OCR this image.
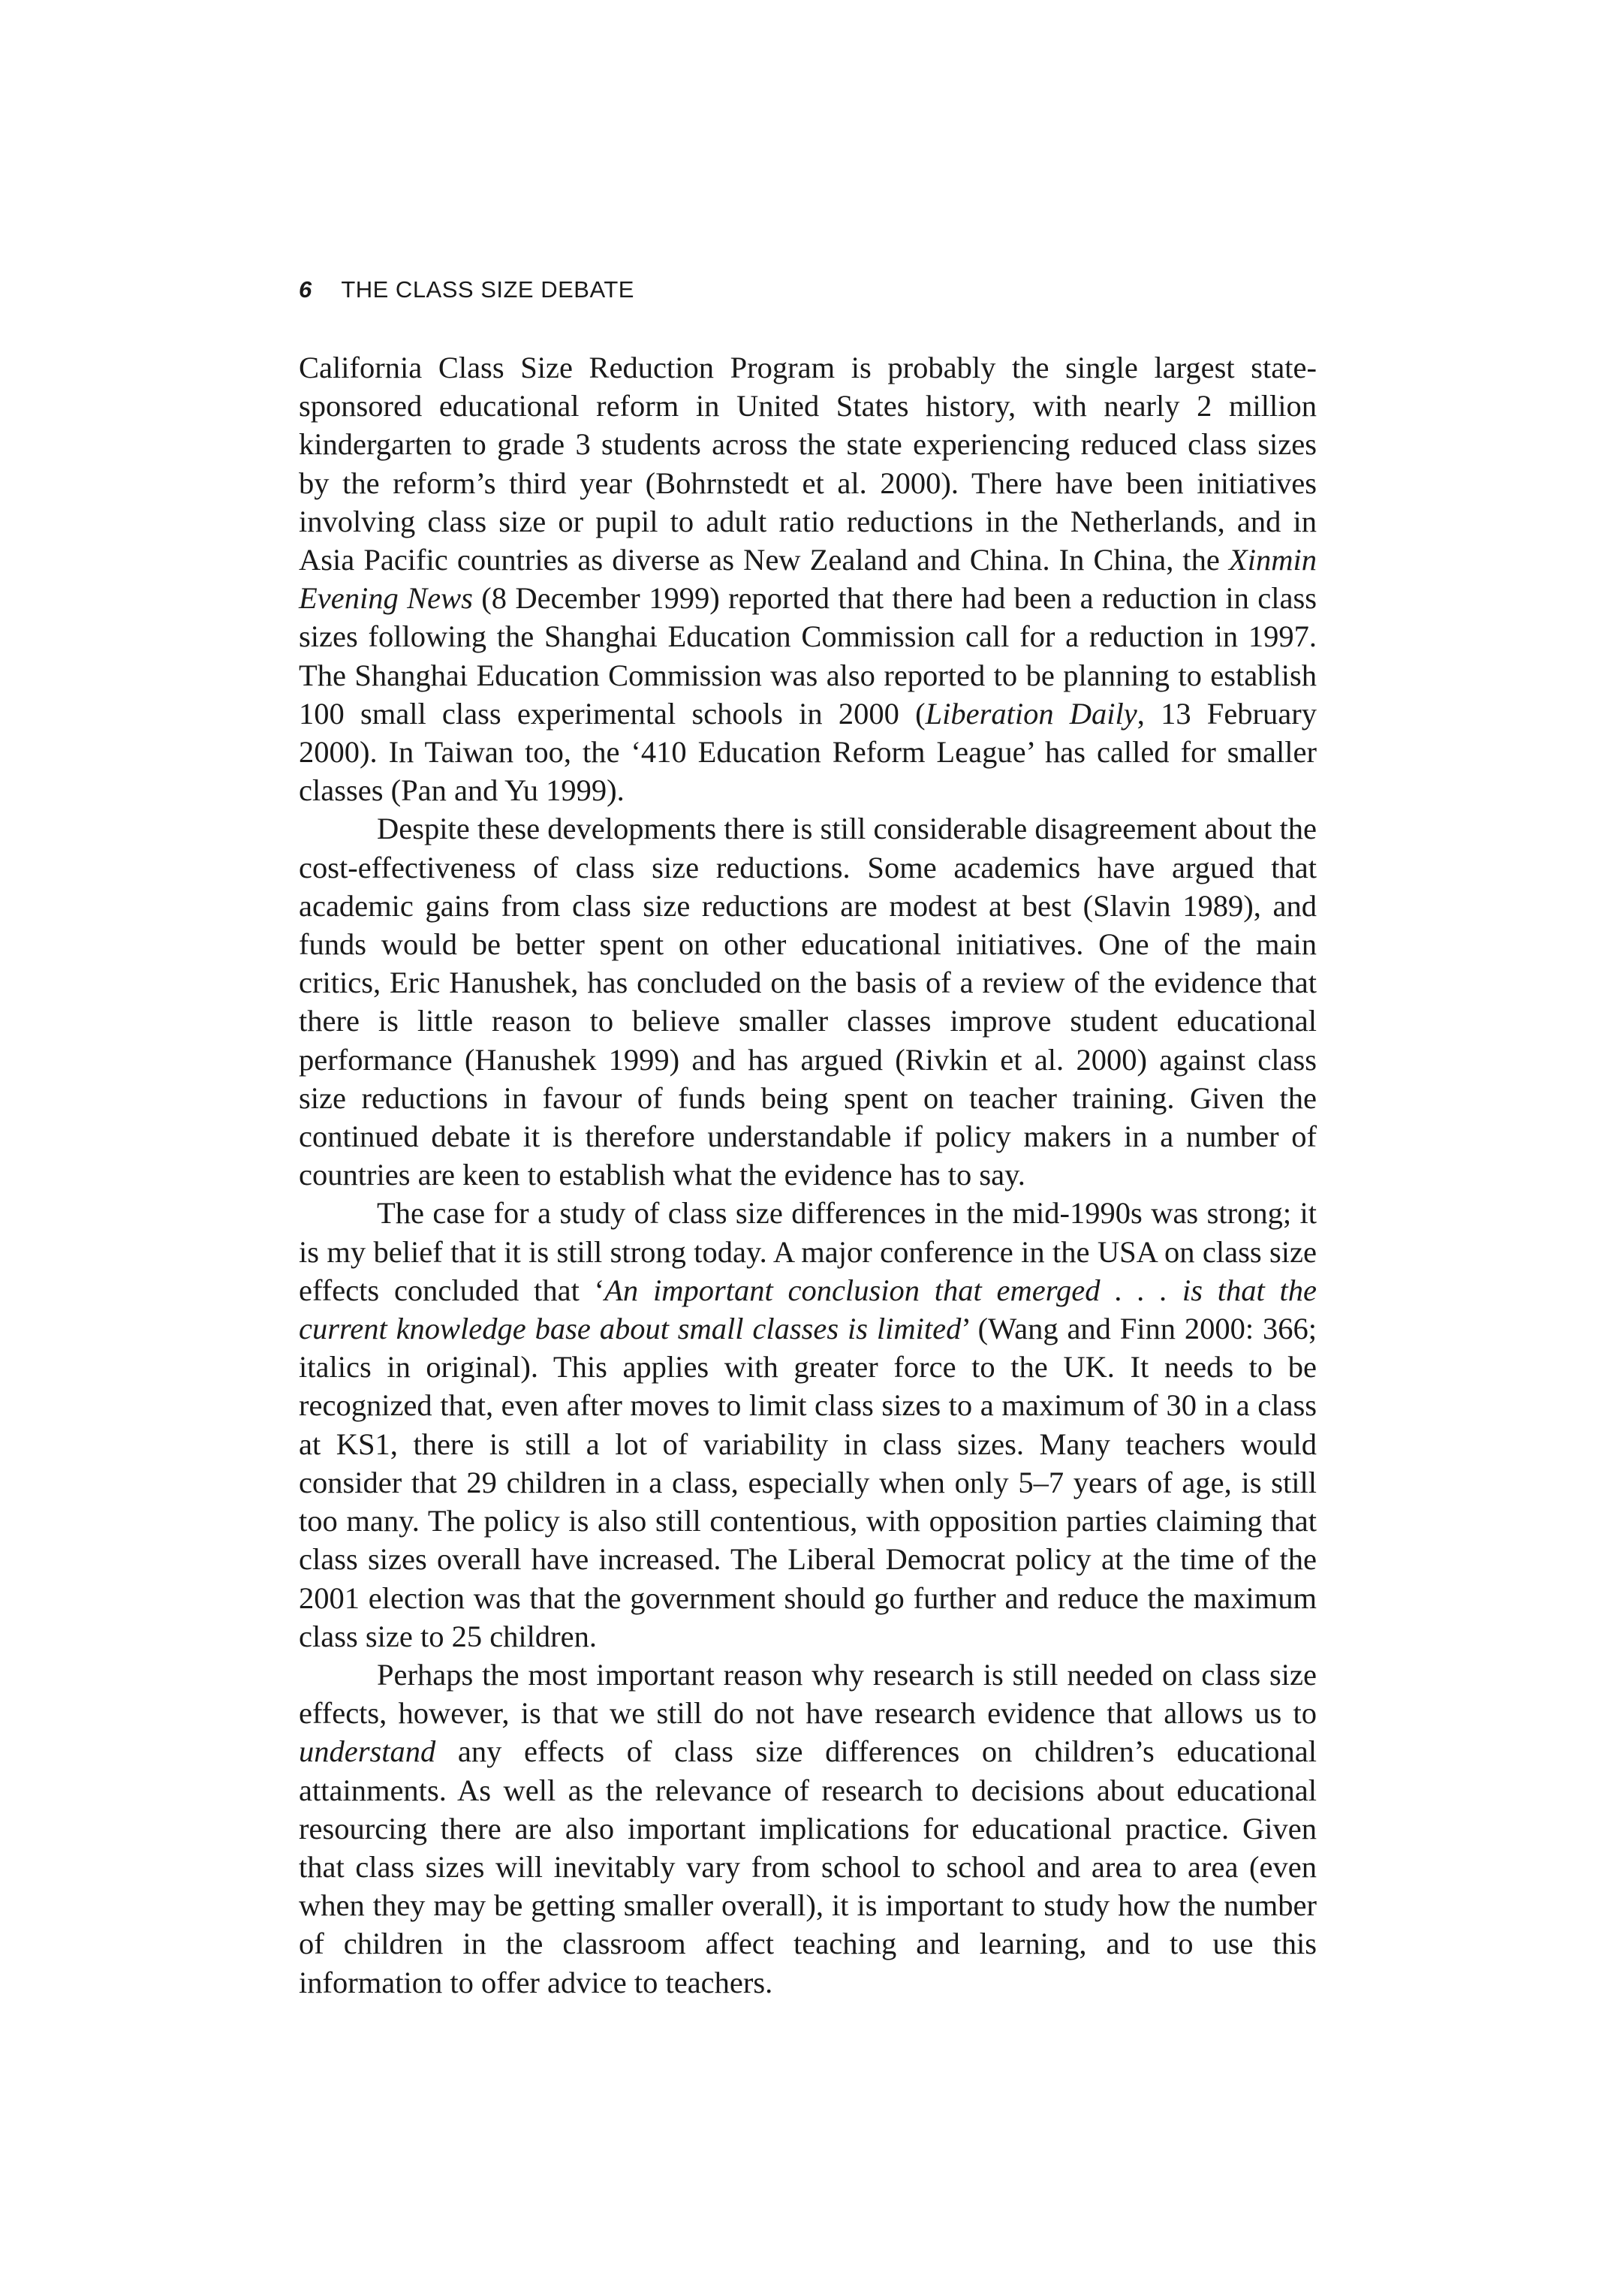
6 THE CLASS SIZE DEBATE

California Class Size Reduction Program is probably the single largest state-sponsored educational reform in United States history, with nearly 2 million kindergarten to grade 3 students across the state experiencing reduced class sizes by the reform’s third year (Bohrnstedt et al. 2000). There have been initiatives involving class size or pupil to adult ratio reductions in the Netherlands, and in Asia Pacific countries as diverse as New Zealand and China. In China, the Xinmin Evening News (8 December 1999) reported that there had been a reduction in class sizes following the Shanghai Education Commission call for a reduction in 1997. The Shanghai Education Commission was also reported to be planning to establish 100 small class experimental schools in 2000 (Liberation Daily, 13 February 2000). In Taiwan too, the ‘410 Education Reform League’ has called for smaller classes (Pan and Yu 1999).

Despite these developments there is still considerable disagreement about the cost-effectiveness of class size reductions. Some academics have argued that academic gains from class size reductions are modest at best (Slavin 1989), and funds would be better spent on other educational initiatives. One of the main critics, Eric Hanushek, has concluded on the basis of a review of the evidence that there is little reason to believe smaller classes improve student educational performance (Hanushek 1999) and has argued (Rivkin et al. 2000) against class size reductions in favour of funds being spent on teacher training. Given the continued debate it is therefore understandable if policy makers in a number of countries are keen to establish what the evidence has to say.

The case for a study of class size differences in the mid-1990s was strong; it is my belief that it is still strong today. A major conference in the USA on class size effects concluded that ‘An important conclusion that emerged . . . is that the current knowledge base about small classes is limited’ (Wang and Finn 2000: 366; italics in original). This applies with greater force to the UK. It needs to be recognized that, even after moves to limit class sizes to a maximum of 30 in a class at KS1, there is still a lot of variability in class sizes. Many teachers would consider that 29 children in a class, especially when only 5–7 years of age, is still too many. The policy is also still contentious, with opposition parties claiming that class sizes overall have increased. The Liberal Democrat policy at the time of the 2001 election was that the government should go further and reduce the maximum class size to 25 children.

Perhaps the most important reason why research is still needed on class size effects, however, is that we still do not have research evidence that allows us to understand any effects of class size differences on children’s educational attainments. As well as the relevance of research to decisions about educational resourcing there are also important implications for educational practice. Given that class sizes will inevitably vary from school to school and area to area (even when they may be getting smaller overall), it is important to study how the number of children in the classroom affect teaching and learning, and to use this information to offer advice to teachers.
